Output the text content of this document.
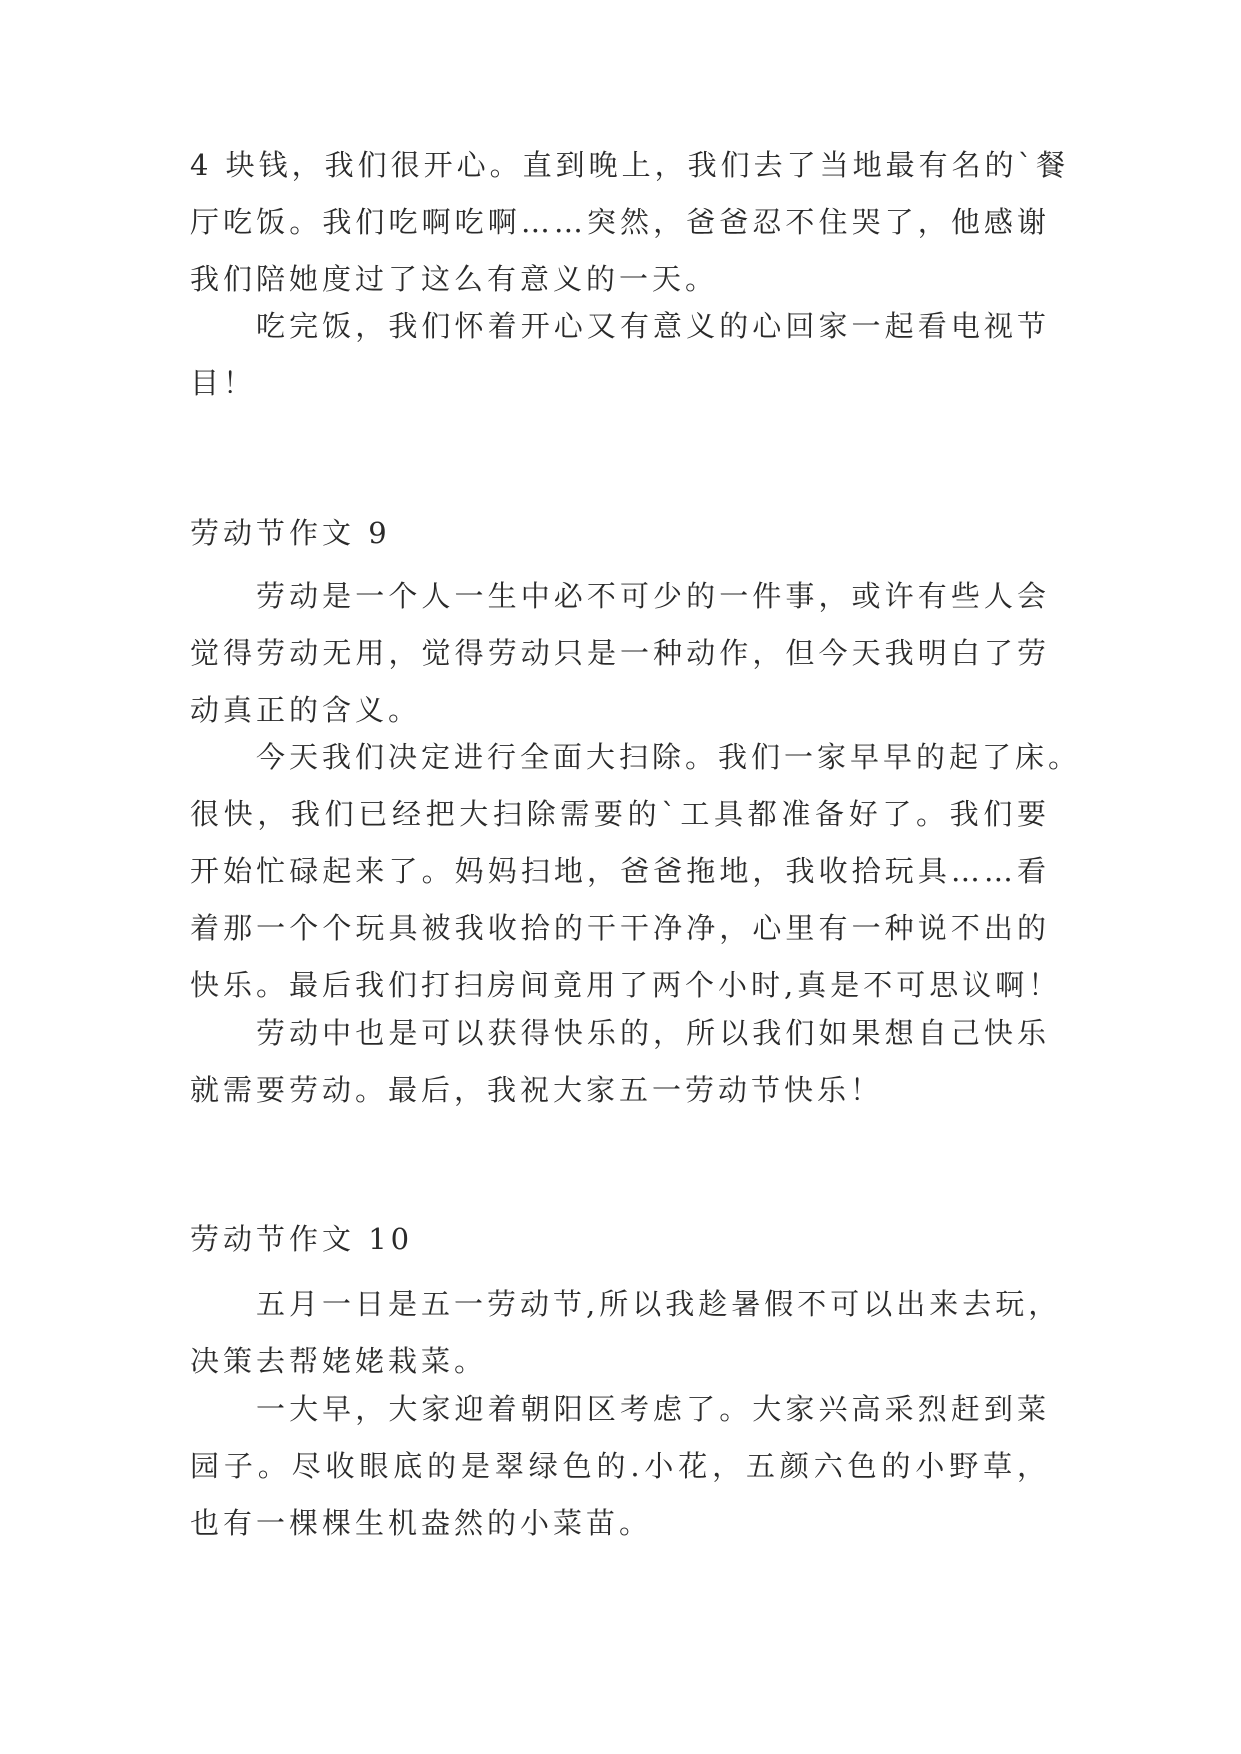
4 块钱，我们很开心。直到晚上，我们去了当地最有名的`餐
厅吃饭。我们吃啊吃啊……突然，爸爸忍不住哭了，他感谢
我们陪她度过了这么有意义的一天。
吃完饭，我们怀着开心又有意义的心回家一起看电视节
目！
劳动节作文 9
劳动是一个人一生中必不可少的一件事，或许有些人会
觉得劳动无用，觉得劳动只是一种动作，但今天我明白了劳
动真正的含义。
今天我们决定进行全面大扫除。我们一家早早的起了床。
很快，我们已经把大扫除需要的`工具都准备好了。我们要
开始忙碌起来了。妈妈扫地，爸爸拖地，我收拾玩具……看
着那一个个玩具被我收拾的干干净净，心里有一种说不出的
快乐。最后我们打扫房间竟用了两个小时,真是不可思议啊！
劳动中也是可以获得快乐的，所以我们如果想自己快乐
就需要劳动。最后，我祝大家五一劳动节快乐！
劳动节作文 10
五月一日是五一劳动节,所以我趁暑假不可以出来去玩，
决策去帮姥姥栽菜。
一大早，大家迎着朝阳区考虑了。大家兴高采烈赶到菜
园子。尽收眼底的是翠绿色的.小花，五颜六色的小野草，
也有一棵棵生机盎然的小菜苗。
